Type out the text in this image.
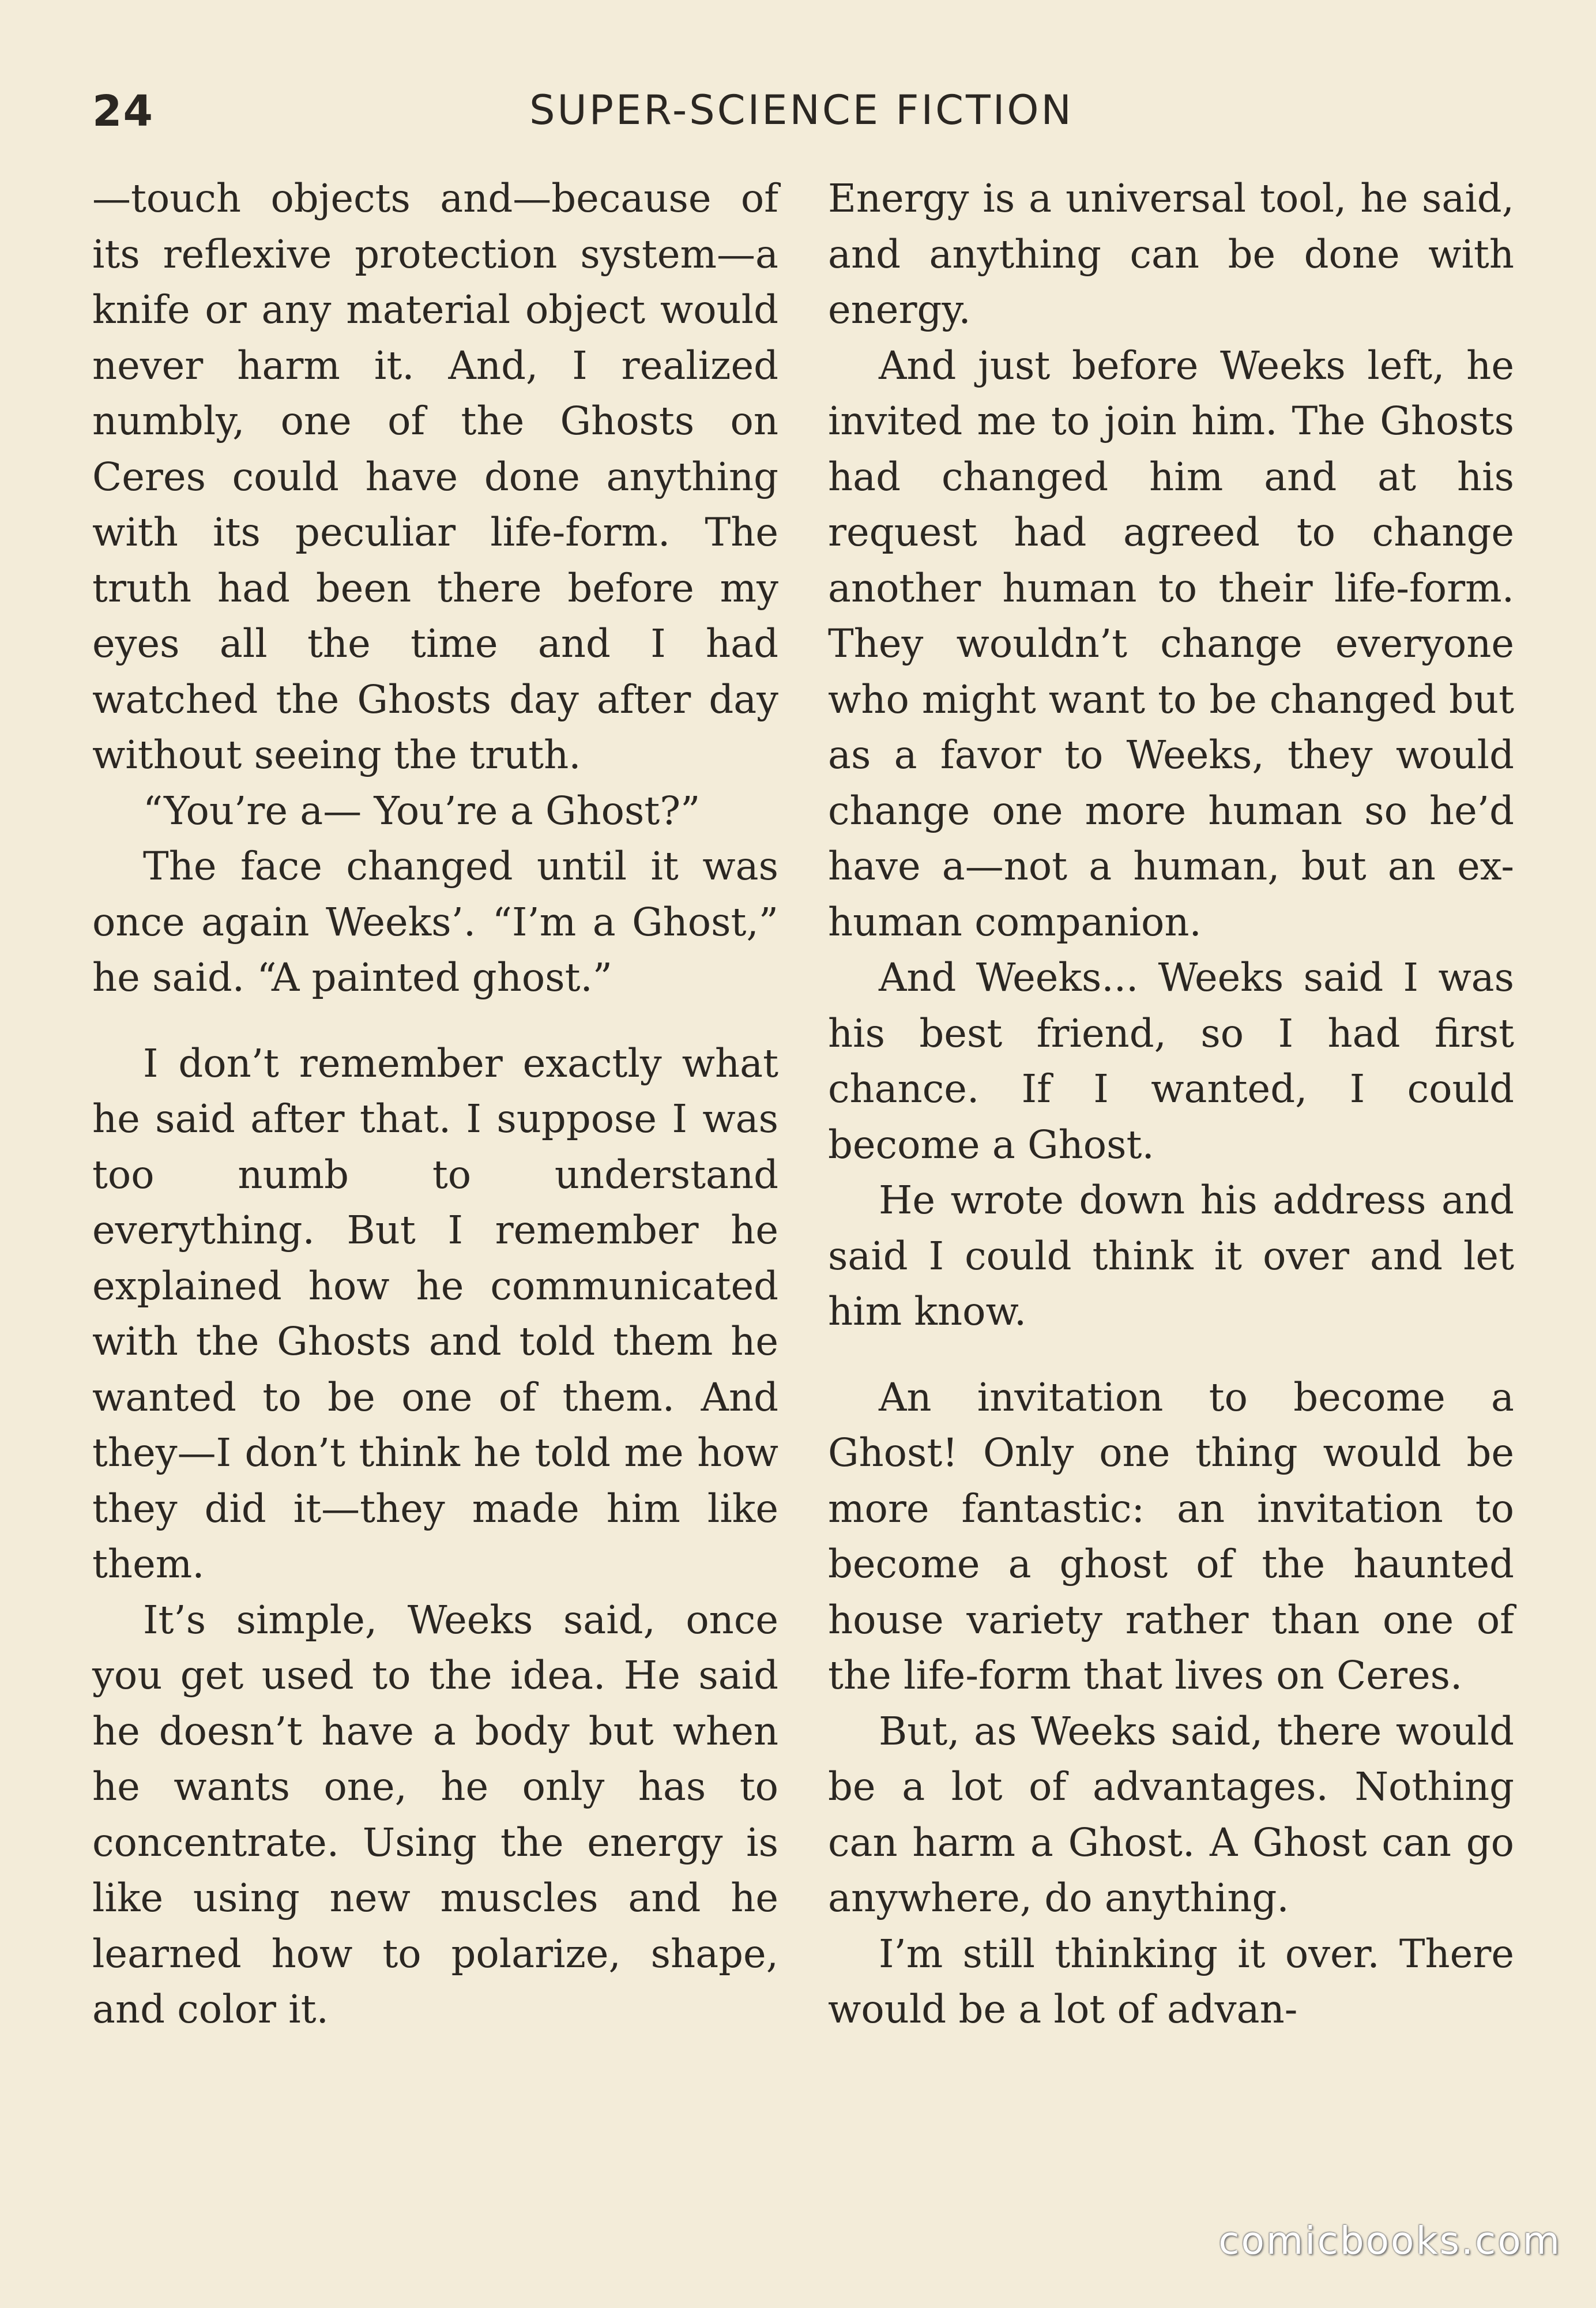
24	SUPER-SCIENCE FICTION

—touch objects and—because of its reflexive protection system—a knife or any material object would never harm it. And, I realized numbly, one of the Ghosts on Ceres could have done anything with its peculiar life-form. The truth had been there before my eyes all the time and I had watched the Ghosts day after day without seeing the truth.

“You’re a— You’re a Ghost?”

The face changed until it was once again Weeks’. “I’m a Ghost,” he said. “A painted ghost.”

I don’t remember exactly what he said after that. I suppose I was too numb to understand everything. But I remember he explained how he communicated with the Ghosts and told them he wanted to be one of them. And they—I don’t think he told me how they did it—they made him like them.

It’s simple, Weeks said, once you get used to the idea. He said he doesn’t have a body but when he wants one, he only has to concentrate. Using the energy is like using new muscles and he learned how to polarize, shape, and color it.

Energy is a universal tool, he said, and anything can be done with energy.

And just before Weeks left, he invited me to join him. The Ghosts had changed him and at his request had agreed to change another human to their life-form. They wouldn’t change everyone who might want to be changed but as a favor to Weeks, they would change one more human so he’d have a—not a human, but an ex-human companion.

And Weeks... Weeks said I was his best friend, so I had first chance. If I wanted, I could become a Ghost.

He wrote down his address and said I could think it over and let him know.

An invitation to become a Ghost! Only one thing would be more fantastic: an invitation to become a ghost of the haunted house variety rather than one of the life-form that lives on Ceres.

But, as Weeks said, there would be a lot of advantages. Nothing can harm a Ghost. A Ghost can go anywhere, do anything.

I’m still thinking it over. There would be a lot of advan-

comicbooks.com
